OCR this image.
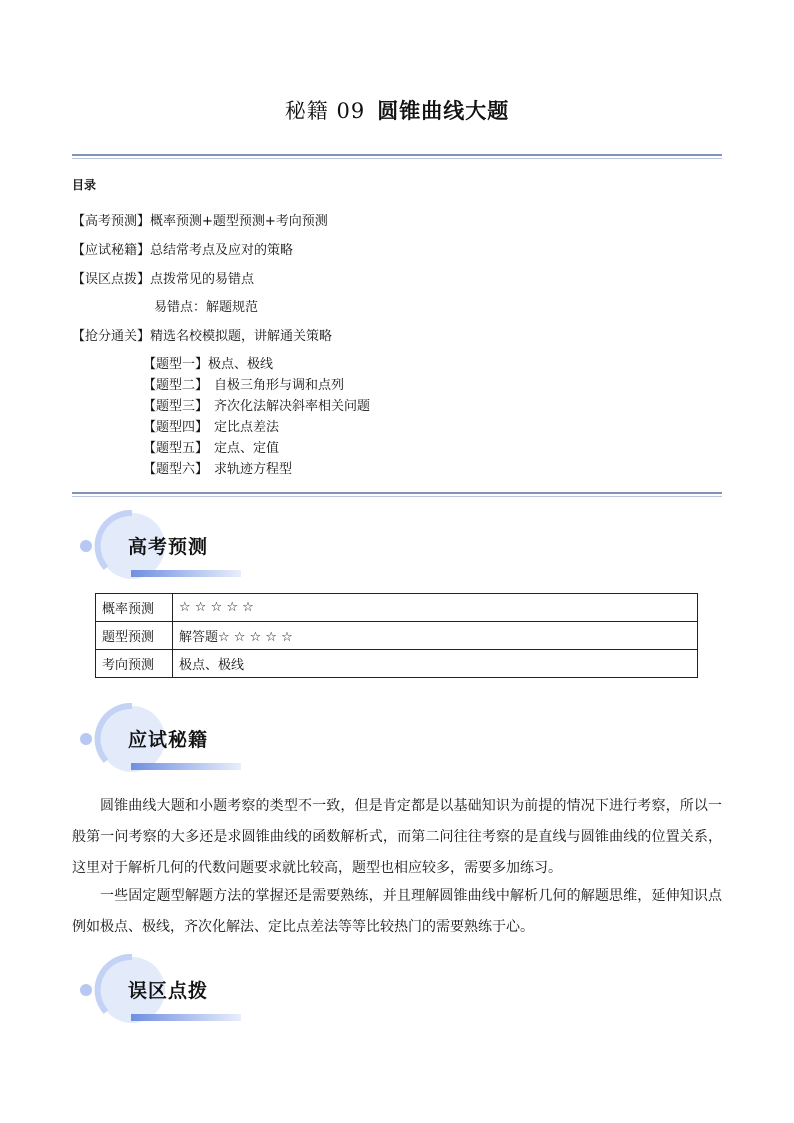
秘籍 09 圆锥曲线大题
目录
【高考预测】概率预测+题型预测+考向预测
【应试秘籍】总结常考点及应对的策略
【误区点拨】点拨常见的易错点
易错点：解题规范
【抢分通关】精选名校模拟题，讲解通关策略
【题型一】极点、极线
【题型二】 自极三角形与调和点列
【题型三】 齐次化法解决斜率相关问题
【题型四】 定比点差法
【题型五】 定点、定值
【题型六】 求轨迹方程型
高考预测
概率预测	☆ ☆ ☆ ☆ ☆
题型预测	解答题☆ ☆ ☆ ☆ ☆
考向预测	极点、极线
应试秘籍
圆锥曲线大题和小题考察的类型不一致，但是肯定都是以基础知识为前提的情况下进行考察，所以一般第一问考察的大多还是求圆锥曲线的函数解析式，而第二问往往考察的是直线与圆锥曲线的位置关系，这里对于解析几何的代数问题要求就比较高，题型也相应较多，需要多加练习。
一些固定题型解题方法的掌握还是需要熟练，并且理解圆锥曲线中解析几何的解题思维，延伸知识点例如极点、极线，齐次化解法、定比点差法等等比较热门的需要熟练于心。
误区点拨
